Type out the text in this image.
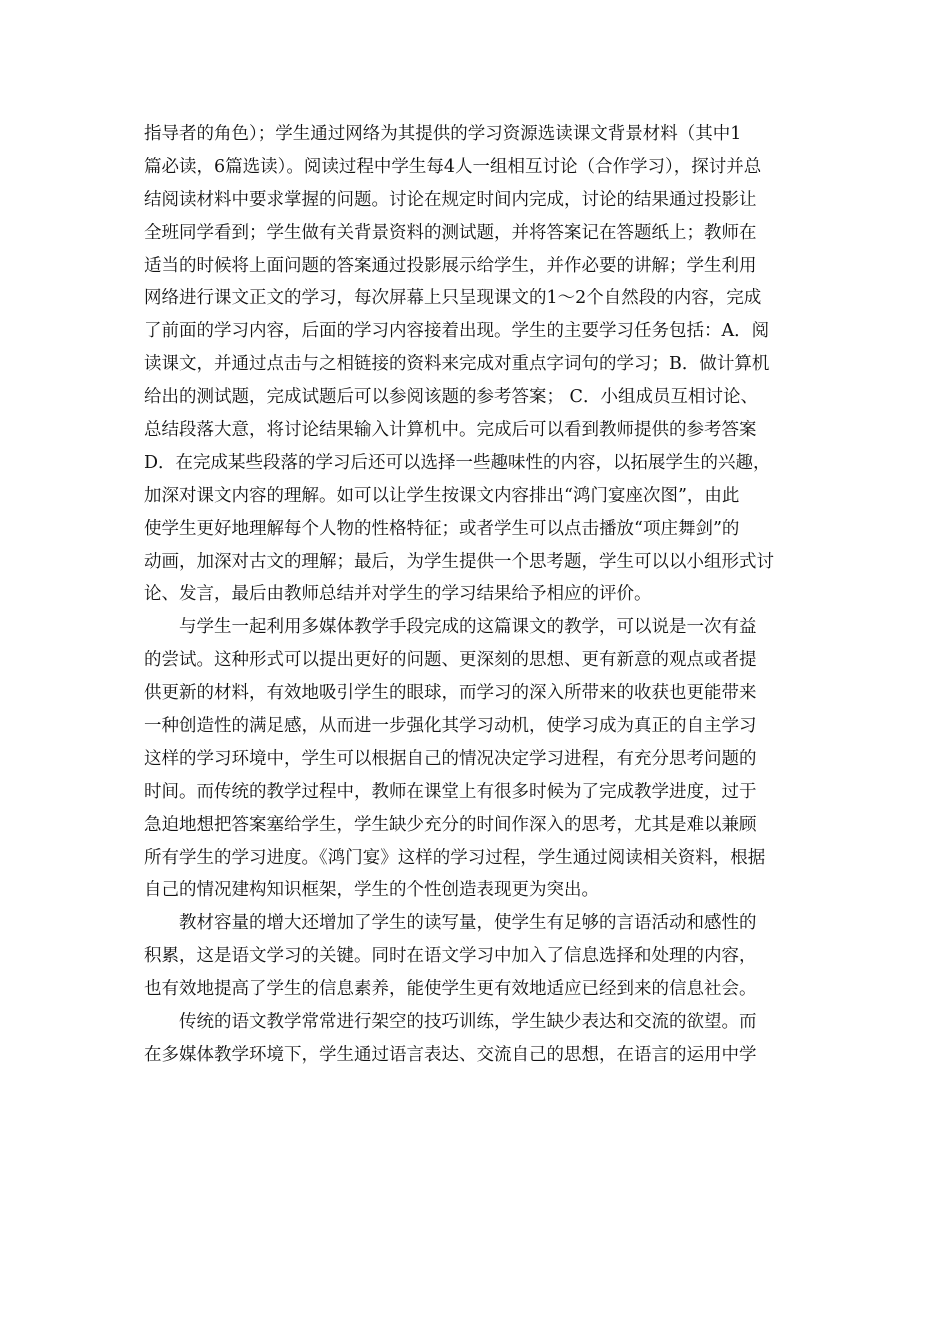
指导者的角色）；学生通过网络为其提供的学习资源选读课文背景材料（其中1
篇必读，6篇选读）。阅读过程中学生每4人一组相互讨论（合作学习），探讨并总
结阅读材料中要求掌握的问题。讨论在规定时间内完成，讨论的结果通过投影让
全班同学看到；学生做有关背景资料的测试题，并将答案记在答题纸上；教师在
适当的时候将上面问题的答案通过投影展示给学生，并作必要的讲解；学生利用
网络进行课文正文的学习，每次屏幕上只呈现课文的1～2个自然段的内容，完成
了前面的学习内容，后面的学习内容接着出现。学生的主要学习任务包括：A．阅
读课文，并通过点击与之相链接的资料来完成对重点字词句的学习；B．做计算机
给出的测试题，完成试题后可以参阅该题的参考答案； C．小组成员互相讨论、
总结段落大意，将讨论结果输入计算机中。完成后可以看到教师提供的参考答案
D．在完成某些段落的学习后还可以选择一些趣味性的内容，以拓展学生的兴趣，
加深对课文内容的理解。如可以让学生按课文内容排出“鸿门宴座次图”，由此
使学生更好地理解每个人物的性格特征；或者学生可以点击播放“项庄舞剑”的
动画，加深对古文的理解；最后，为学生提供一个思考题，学生可以以小组形式讨
论、发言，最后由教师总结并对学生的学习结果给予相应的评价。
与学生一起利用多媒体教学手段完成的这篇课文的教学，可以说是一次有益
的尝试。这种形式可以提出更好的问题、更深刻的思想、更有新意的观点或者提
供更新的材料，有效地吸引学生的眼球，而学习的深入所带来的收获也更能带来
一种创造性的满足感，从而进一步强化其学习动机，使学习成为真正的自主学习
这样的学习环境中，学生可以根据自己的情况决定学习进程，有充分思考问题的
时间。而传统的教学过程中，教师在课堂上有很多时候为了完成教学进度，过于
急迫地想把答案塞给学生，学生缺少充分的时间作深入的思考，尤其是难以兼顾
所有学生的学习进度。《鸿门宴》这样的学习过程，学生通过阅读相关资料，根据
自己的情况建构知识框架，学生的个性创造表现更为突出。
教材容量的增大还增加了学生的读写量，使学生有足够的言语活动和感性的
积累，这是语文学习的关键。同时在语文学习中加入了信息选择和处理的内容，
也有效地提高了学生的信息素养，能使学生更有效地适应已经到来的信息社会。
传统的语文教学常常进行架空的技巧训练，学生缺少表达和交流的欲望。而
在多媒体教学环境下，学生通过语言表达、交流自己的思想，在语言的运用中学
